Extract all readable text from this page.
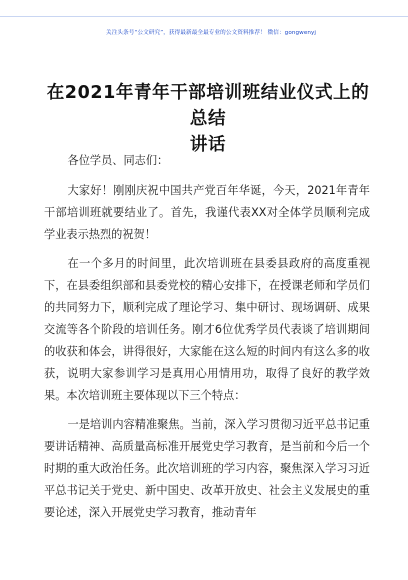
关注头条号“公文研究”，获得最新最全最专业的公文资料推荐！ 微信：gongwenyj
在2021年青年干部培训班结业仪式上的总结
讲话

各位学员、同志们：

大家好！刚刚庆祝中国共产党百年华诞，今天，2021年青年干部培训班就要结业了。首先，我谨代表XX对全体学员顺利完成学业表示热烈的祝贺！

在一个多月的时间里，此次培训班在县委县政府的高度重视下，在县委组织部和县委党校的精心安排下，在授课老师和学员们的共同努力下，顺利完成了理论学习、集中研讨、现场调研、成果交流等各个阶段的培训任务。刚才6位优秀学员代表谈了培训期间的收获和体会，讲得很好，大家能在这么短的时间内有这么多的收获，说明大家参训学习是真用心用情用功，取得了良好的教学效果。本次培训班主要体现以下三个特点：

一是培训内容精准聚焦。当前，深入学习贯彻习近平总书记重要讲话精神、高质量高标准开展党史学习教育，是当前和今后一个时期的重大政治任务。此次培训班的学习内容，聚焦深入学习习近平总书记关于党史、新中国史、改革开放史、社会主义发展史的重要论述，深入开展党史学习教育，推动青年
